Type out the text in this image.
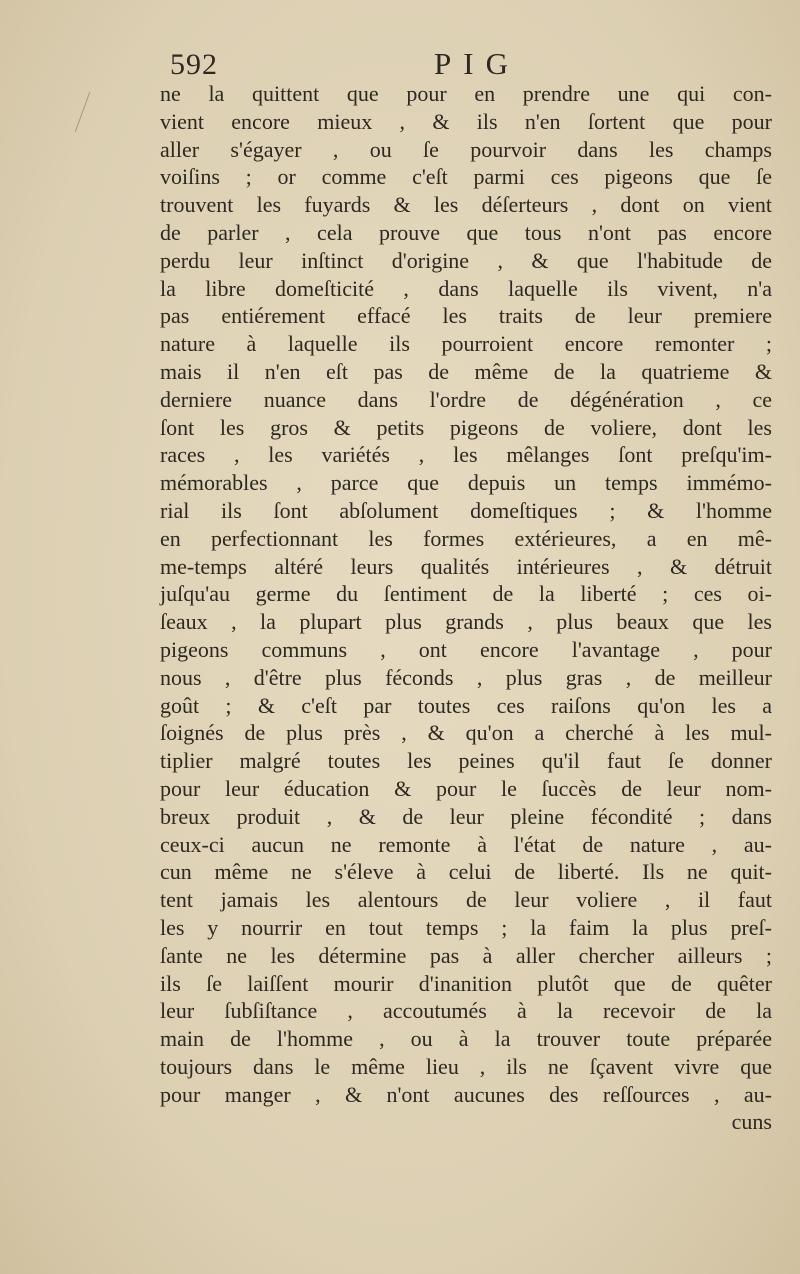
592	PIG
ne la quittent que pour en prendre une qui con-
vient encore mieux , & ils n'en ſortent que pour
aller s'égayer , ou ſe pourvoir dans les champs
voiſins ; or comme c'eſt parmi ces pigeons que ſe
trouvent les fuyards & les déſerteurs , dont on vient
de parler , cela prouve que tous n'ont pas encore
perdu leur inſtinct d'origine , & que l'habitude de
la libre domeſticité , dans laquelle ils vivent, n'a
pas entiérement effacé les traits de leur premiere
nature à laquelle ils pourroient encore remonter ;
mais il n'en eſt pas de même de la quatrieme &
derniere nuance dans l'ordre de dégénération , ce
ſont les gros & petits pigeons de voliere, dont les
races , les variétés , les mêlanges ſont preſqu'im-
mémorables , parce que depuis un temps immémo-
rial ils ſont abſolument domeſtiques ; & l'homme
en perfectionnant les formes extérieures, a en mê-
me-temps altéré leurs qualités intérieures , & détruit
juſqu'au germe du ſentiment de la liberté ; ces oi-
ſeaux , la plupart plus grands , plus beaux que les
pigeons communs , ont encore l'avantage , pour
nous , d'être plus féconds , plus gras , de meilleur
goût ; & c'eſt par toutes ces raiſons qu'on les a
ſoignés de plus près , & qu'on a cherché à les mul-
tiplier malgré toutes les peines qu'il faut ſe donner
pour leur éducation & pour le ſuccès de leur nom-
breux produit , & de leur pleine fécondité ; dans
ceux-ci aucun ne remonte à l'état de nature , au-
cun même ne s'éleve à celui de liberté. Ils ne quit-
tent jamais les alentours de leur voliere , il faut
les y nourrir en tout temps ; la faim la plus preſ-
ſante ne les détermine pas à aller chercher ailleurs ;
ils ſe laiſſent mourir d'inanition plutôt que de quêter
leur ſubſiſtance , accoutumés à la recevoir de la
main de l'homme , ou à la trouver toute préparée
toujours dans le même lieu , ils ne ſçavent vivre que
pour manger , & n'ont aucunes des reſſources , au-
cuns
